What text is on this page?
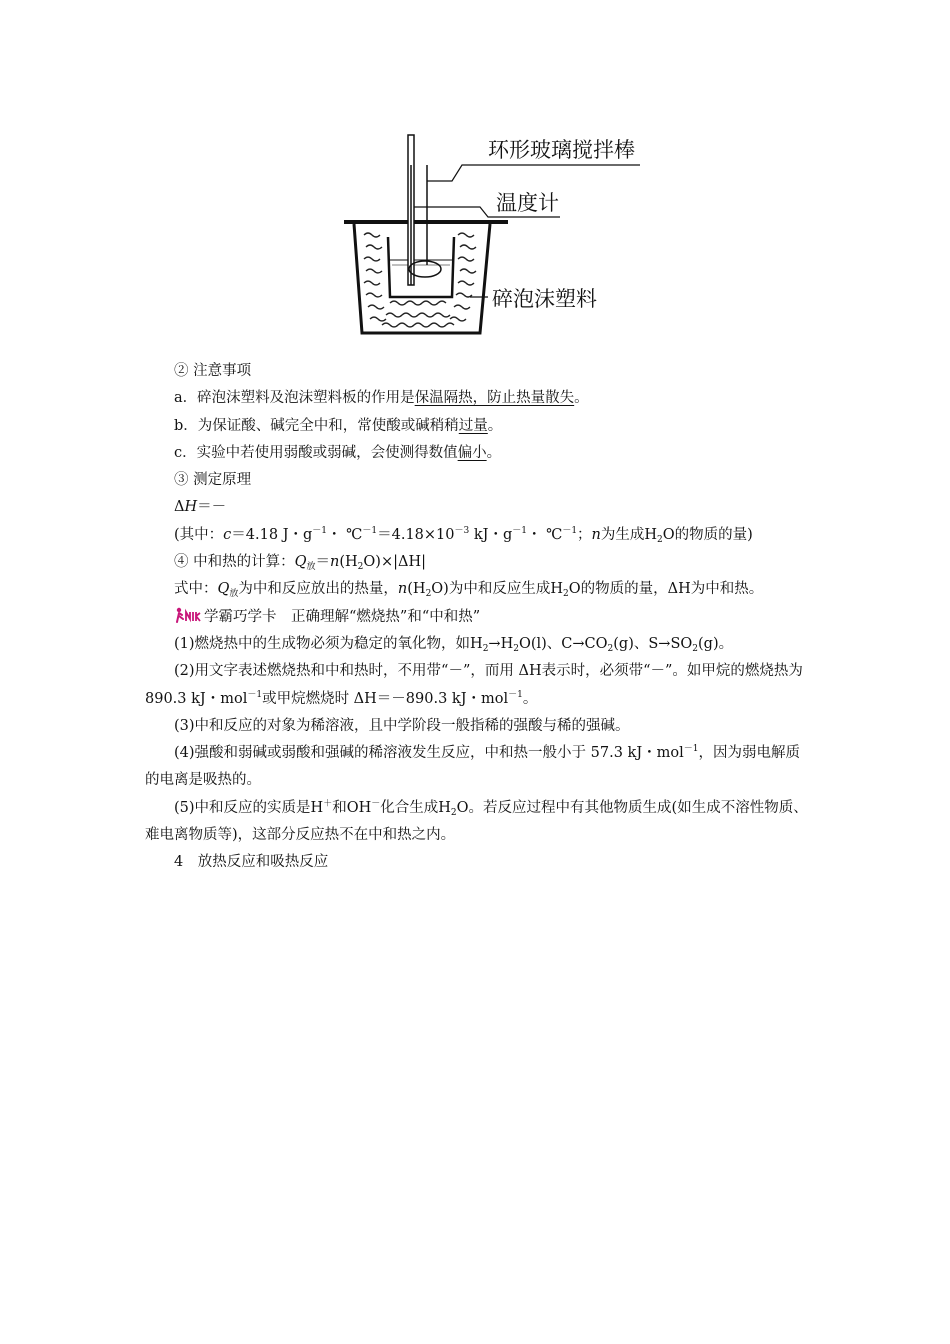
环形玻璃搅拌棒
温度计
碎泡沫塑料

② 注意事项

a．碎泡沫塑料及泡沫塑料板的作用是保温隔热，防止热量散失。

b．为保证酸、碱完全中和，常使酸或碱稍稍过量。

c．实验中若使用弱酸或弱碱，会使测得数值偏小。

③ 测定原理

ΔH＝－

(其中：c＝4.18 J・$g^{-1}$・ $℃^{-1}=4.18\times 10^{-3}$ kJ・$g^{-1}$・ ℃$^{-1}$；n为生成$H_2O$的物质的量)

④ 中和热的计算：$Q_放=n(H_2O)\times|\Delta H|$

式中：$Q_放$为中和反应放出的热量，$n(H_2O)$为中和反应生成$H_2O$的物质的量，ΔH为中和热。

学霸巧学卡　正确理解“燃烧热”和“中和热”

(1)燃烧热中的生成物必须为稳定的氧化物，如$H_2\to H_2O(l)$、$C\to CO_2(g)$、$S\to SO_2(g)$。

(2)用文字表述燃烧热和中和热时，不用带“－”，而用 ΔH表示时，必须带“－”。如甲烷的燃烧热为890.3 kJ・mol$^{-1}$或甲烷燃烧时 ΔH＝－890.3 kJ・mol$^{-1}$。

(3)中和反应的对象为稀溶液，且中学阶段一般指稀的强酸与稀的强碱。

(4)强酸和弱碱或弱酸和强碱的稀溶液发生反应，中和热一般小于 57.3 kJ・mol$^{-1}$，因为弱电解质的电离是吸热的。

(5)中和反应的实质是H＋和OH－化合生成$H_2O$。若反应过程中有其他物质生成(如生成不溶性物质、难电离物质等)，这部分反应热不在中和热之内。

4　放热反应和吸热反应
